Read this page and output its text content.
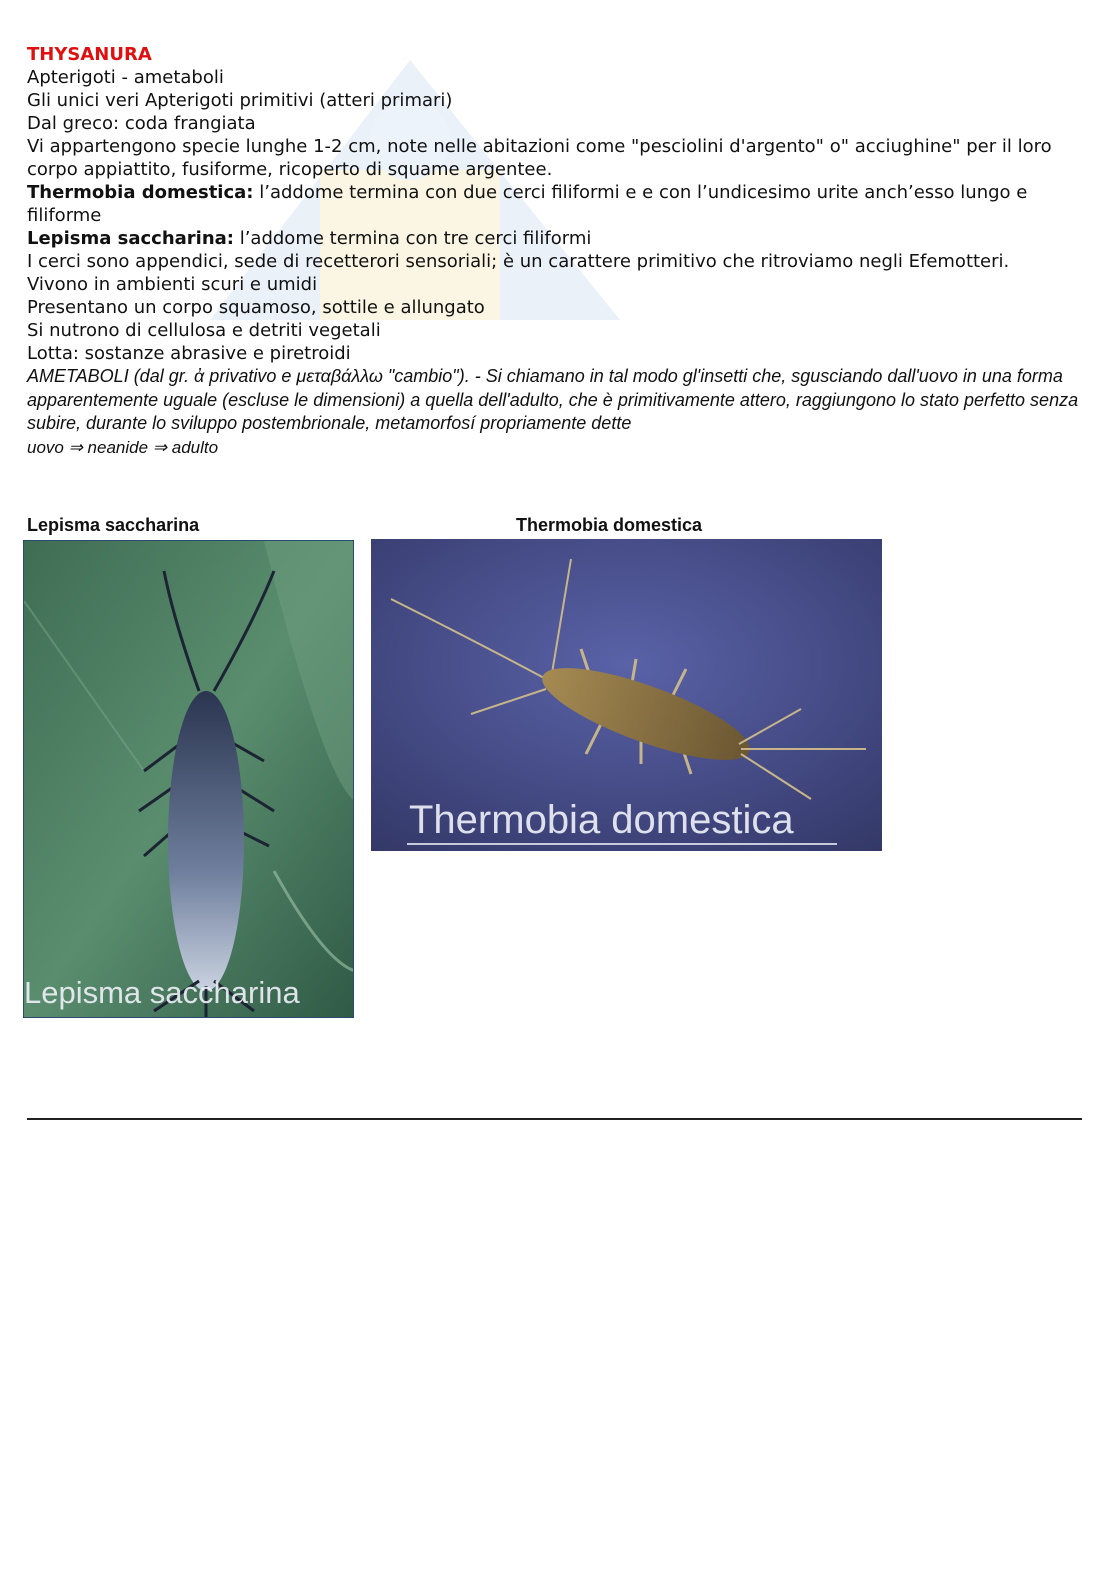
THYSANURA

Apterigoti - ametaboli

Gli unici veri Apterigoti primitivi (atteri primari)

Dal greco: coda frangiata

Vi appartengono specie lunghe 1-2 cm, note nelle abitazioni come "pesciolini d'argento" o" acciughine" per il loro corpo appiattito, fusiforme, ricoperto di squame argentee.

Thermobia domestica: l’addome termina con due cerci filiformi e e con l’undicesimo urite anch’esso lungo e filiforme

Lepisma saccharina: l’addome termina con tre cerci filiformi

I cerci sono appendici, sede di recetterori sensoriali; è un carattere primitivo che ritroviamo negli Efemotteri.

Vivono in ambienti scuri e umidi

Presentano un corpo squamoso, sottile e allungato

Si nutrono di cellulosa e detriti vegetali

Lotta: sostanze abrasive e piretroidi

AMETABOLI (dal gr. ἀ privativo e μεταβάλλω "cambio"). - Si chiamano in tal modo gl'insetti che, sgusciando dall'uovo in una forma apparentemente uguale (escluse le dimensioni) a quella dell'adulto, che è primitivamente attero, raggiungono lo stato perfetto senza subire, durante lo sviluppo postembrionale, metamorfosí propriamente dette

uovo ⇒ neanide ⇒ adulto

Lepisma saccharina	Thermobia domestica
Lepisma saccharina
Thermobia domestica
